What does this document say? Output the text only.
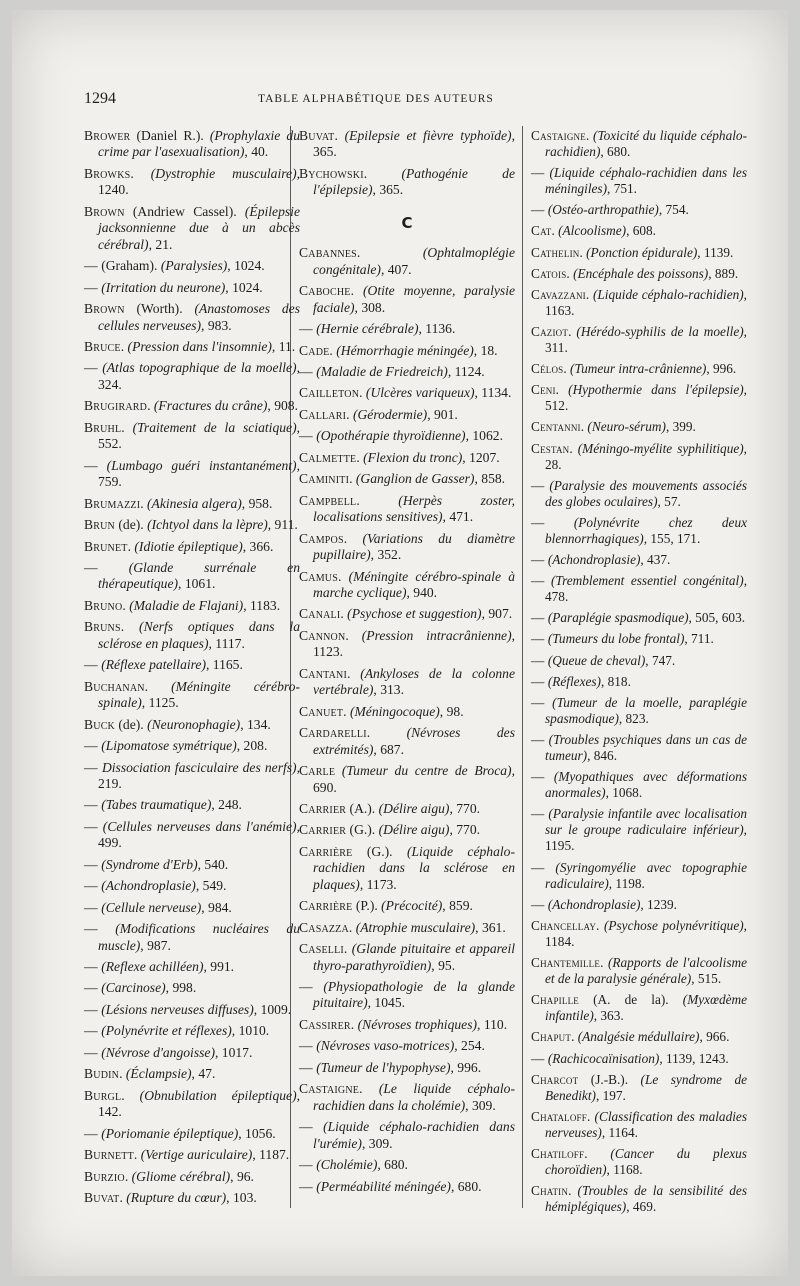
1294	TABLE ALPHABÉTIQUE DES AUTEURS
Brower (Daniel R.). (Prophylaxie du crime par l'asexualisation), 40.
Browks. (Dystrophie musculaire), 1240.
Brown (Andriew Cassel). (Épilepsie jacksonnienne due à un abcès cérébral), 21.
— (Graham). (Paralysies), 1024.
— (Irritation du neurone), 1024.
Brown (Worth). (Anastomoses des cellules nerveuses), 983.
Bruce. (Pression dans l'insomnie), 11.
— (Atlas topographique de la moelle), 324.
Brugirard. (Fractures du crâne), 908.
Bruhl. (Traitement de la sciatique), 552.
— (Lumbago guéri instantanément), 759.
Brumazzi. (Akinesia algera), 958.
Brun (de). (Ichtyol dans la lèpre), 911.
Brunet. (Idiotie épileptique), 366.
— (Glande surrénale en thérapeutique), 1061.
Bruno. (Maladie de Flajani), 1183.
Bruns. (Nerfs optiques dans la sclérose en plaques), 1117.
— (Réflexe patellaire), 1165.
Buchanan. (Méningite cérébro-spinale), 1125.
Buck (de). (Neuronophagie), 134.
— (Lipomatose symétrique), 208.
— Dissociation fasciculaire des nerfs), 219.
— (Tabes traumatique), 248.
— (Cellules nerveuses dans l'anémie), 499.
— (Syndrome d'Erb), 540.
— (Achondroplasie), 549.
— (Cellule nerveuse), 984.
— (Modifications nucléaires du muscle), 987.
— (Reflexe achilléen), 991.
— (Carcinose), 998.
— (Lésions nerveuses diffuses), 1009.
— (Polynévrite et réflexes), 1010.
— (Névrose d'angoisse), 1017.
Budin. (Éclampsie), 47.
Burgl. (Obnubilation épileptique), 142.
— (Poriomanie épileptique), 1056.
Burnett. (Vertige auriculaire), 1187.
Burzio. (Gliome cérébral), 96.
Buvat. (Rupture du cœur), 103.
Buvat. (Epilepsie et fièvre typhoïde), 365.
Bychowski. (Pathogénie de l'épilepsie), 365.
C
Cabannes. (Ophtalmoplégie congénitale), 407.
Caboche. (Otite moyenne, paralysie faciale), 308.
— (Hernie cérébrale), 1136.
Cade. (Hémorrhagie méningée), 18.
— (Maladie de Friedreich), 1124.
Cailleton. (Ulcères variqueux), 1134.
Callari. (Gérodermie), 901.
— (Opothérapie thyroïdienne), 1062.
Calmette. (Flexion du tronc), 1207.
Caminiti. (Ganglion de Gasser), 858.
Campbell. (Herpès zoster, localisations sensitives), 471.
Campos. (Variations du diamètre pupillaire), 352.
Camus. (Méningite cérébro-spinale à marche cyclique), 940.
Canali. (Psychose et suggestion), 907.
Cannon. (Pression intracrânienne), 1123.
Cantani. (Ankyloses de la colonne vertébrale), 313.
Canuet. (Méningocoque), 98.
Cardarelli. (Névroses des extrémités), 687.
Carle (Tumeur du centre de Broca), 690.
Carrier (A.). (Délire aigu), 770.
Carrier (G.). (Délire aigu), 770.
Carrière (G.). (Liquide céphalo-rachidien dans la sclérose en plaques), 1173.
Carrière (P.). (Précocité), 859.
Casazza. (Atrophie musculaire), 361.
Caselli. (Glande pituitaire et appareil thyro-parathyroïdien), 95.
— (Physiopathologie de la glande pituitaire), 1045.
Cassirer. (Névroses trophiques), 110.
— (Névroses vaso-motrices), 254.
— (Tumeur de l'hypophyse), 996.
Castaigne. (Le liquide céphalo-rachidien dans la cholémie), 309.
— (Liquide céphalo-rachidien dans l'urémie), 309.
— (Cholémie), 680.
— (Perméabilité méningée), 680.
Castaigne. (Toxicité du liquide céphalo-rachidien), 680.
— (Liquide céphalo-rachidien dans les méningiles), 751.
— (Ostéo-arthropathie), 754.
Cat. (Alcoolisme), 608.
Cathelin. (Ponction épidurale), 1139.
Catois. (Encéphale des poissons), 889.
Cavazzani. (Liquide céphalo-rachidien), 1163.
Caziot. (Hérédo-syphilis de la moelle), 311.
Célos. (Tumeur intra-crânienne), 996.
Ceni. (Hypothermie dans l'épilepsie), 512.
Centanni. (Neuro-sérum), 399.
Cestan. (Méningo-myélite syphilitique), 28.
— (Paralysie des mouvements associés des globes oculaires), 57.
— (Polynévrite chez deux blennorrhagiques), 155, 171.
— (Achondroplasie), 437.
— (Tremblement essentiel congénital), 478.
— (Paraplégie spasmodique), 505, 603.
— (Tumeurs du lobe frontal), 711.
— (Queue de cheval), 747.
— (Réflexes), 818.
— (Tumeur de la moelle, paraplégie spasmodique), 823.
— (Troubles psychiques dans un cas de tumeur), 846.
— (Myopathiques avec déformations anormales), 1068.
— (Paralysie infantile avec localisation sur le groupe radiculaire inférieur), 1195.
— (Syringomyélie avec topographie radiculaire), 1198.
— (Achondroplasie), 1239.
Chancellay. (Psychose polynévritique), 1184.
Chantemille. (Rapports de l'alcoolisme et de la paralysie générale), 515.
Chapille (A. de la). (Myxœdème infantile), 363.
Chaput. (Analgésie médullaire), 966.
— (Rachicocaïnisation), 1139, 1243.
Charcot (J.-B.). (Le syndrome de Benedikt), 197.
Chataloff. (Classification des maladies nerveuses), 1164.
Chatiloff. (Cancer du plexus choroïdien), 1168.
Chatin. (Troubles de la sensibilité des hémiplégiques), 469.
